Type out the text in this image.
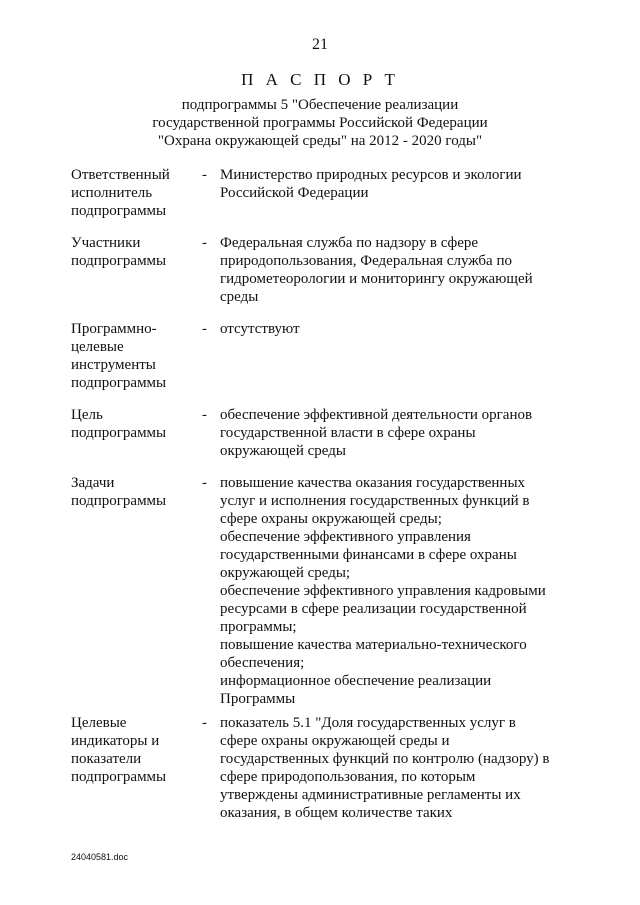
21
П А С П О Р Т
подпрограммы 5 "Обеспечение реализации
государственной программы Российской Федерации
"Охрана окружающей среды" на 2012 - 2020 годы"
Ответственный
исполнитель
подпрограммы
- Министерство природных ресурсов и экологии
Российской Федерации
Участники
подпрограммы
- Федеральная служба по надзору в сфере
природопользования, Федеральная служба по
гидрометеорологии и мониторингу окружающей
среды
Программно-
целевые
инструменты
подпрограммы
- отсутствуют
Цель
подпрограммы
- обеспечение эффективной деятельности органов
государственной власти в сфере охраны
окружающей среды
Задачи
подпрограммы
- повышение качества оказания государственных
услуг и исполнения государственных функций в
сфере охраны окружающей среды;
обеспечение эффективного управления
государственными финансами в сфере охраны
окружающей среды;
обеспечение эффективного управления кадровыми
ресурсами в сфере реализации государственной
программы;
повышение качества материально-технического
обеспечения;
информационное обеспечение реализации
Программы
Целевые
индикаторы и
показатели
подпрограммы
- показатель 5.1 "Доля государственных услуг в
сфере охраны окружающей среды и
государственных функций по контролю (надзору) в
сфере природопользования, по которым
утверждены административные регламенты их
оказания, в общем количестве таких
24040581.doc
